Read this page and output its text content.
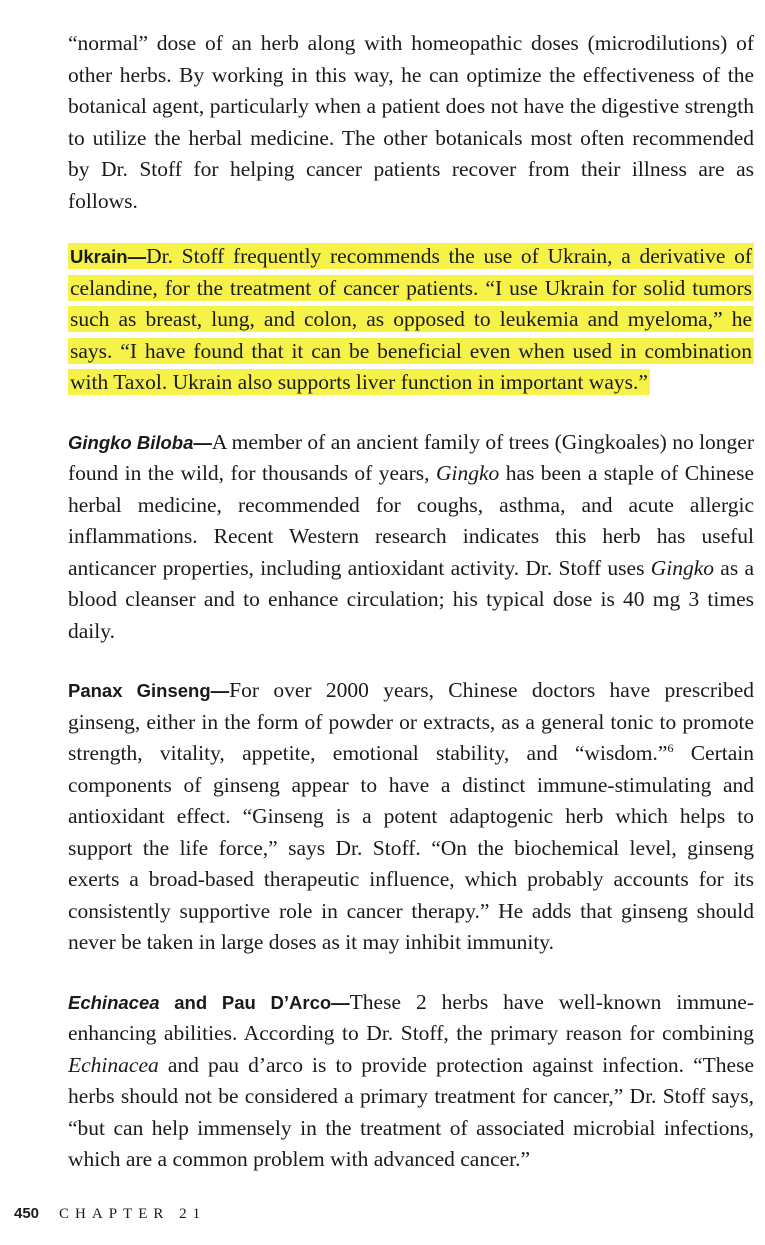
“normal” dose of an herb along with homeopathic doses (microdilutions) of other herbs. By working in this way, he can optimize the effectiveness of the botanical agent, particularly when a patient does not have the digestive strength to utilize the herbal medicine. The other botanicals most often recommended by Dr. Stoff for helping cancer patients recover from their illness are as follows.

Ukrain—Dr. Stoff frequently recommends the use of Ukrain, a derivative of celandine, for the treatment of cancer patients. “I use Ukrain for solid tumors such as breast, lung, and colon, as opposed to leukemia and myeloma,” he says. “I have found that it can be beneficial even when used in combination with Taxol. Ukrain also supports liver function in important ways.”

Gingko Biloba—A member of an ancient family of trees (Gingkoales) no longer found in the wild, for thousands of years, Gingko has been a staple of Chinese herbal medicine, recommended for coughs, asthma, and acute allergic inflammations. Recent Western research indicates this herb has useful anticancer properties, including antioxidant activity. Dr. Stoff uses Gingko as a blood cleanser and to enhance circulation; his typical dose is 40 mg 3 times daily.

Panax Ginseng—For over 2000 years, Chinese doctors have prescribed ginseng, either in the form of powder or extracts, as a general tonic to promote strength, vitality, appetite, emotional stability, and “wisdom.”$^6$ Certain components of ginseng appear to have a distinct immune-stimulating and antioxidant effect. “Ginseng is a potent adaptogenic herb which helps to support the life force,” says Dr. Stoff. “On the biochemical level, ginseng exerts a broad-based therapeutic influence, which probably accounts for its consistently supportive role in cancer therapy.” He adds that ginseng should never be taken in large doses as it may inhibit immunity.

Echinacea and Pau D’Arco—These 2 herbs have well-known immune-enhancing abilities. According to Dr. Stoff, the primary reason for combining Echinacea and pau d’arco is to provide protection against infection. “These herbs should not be considered a primary treatment for cancer,” Dr. Stoff says, “but can help immensely in the treatment of associated microbial infections, which are a common problem with advanced cancer.”

450 CHAPTER 21
